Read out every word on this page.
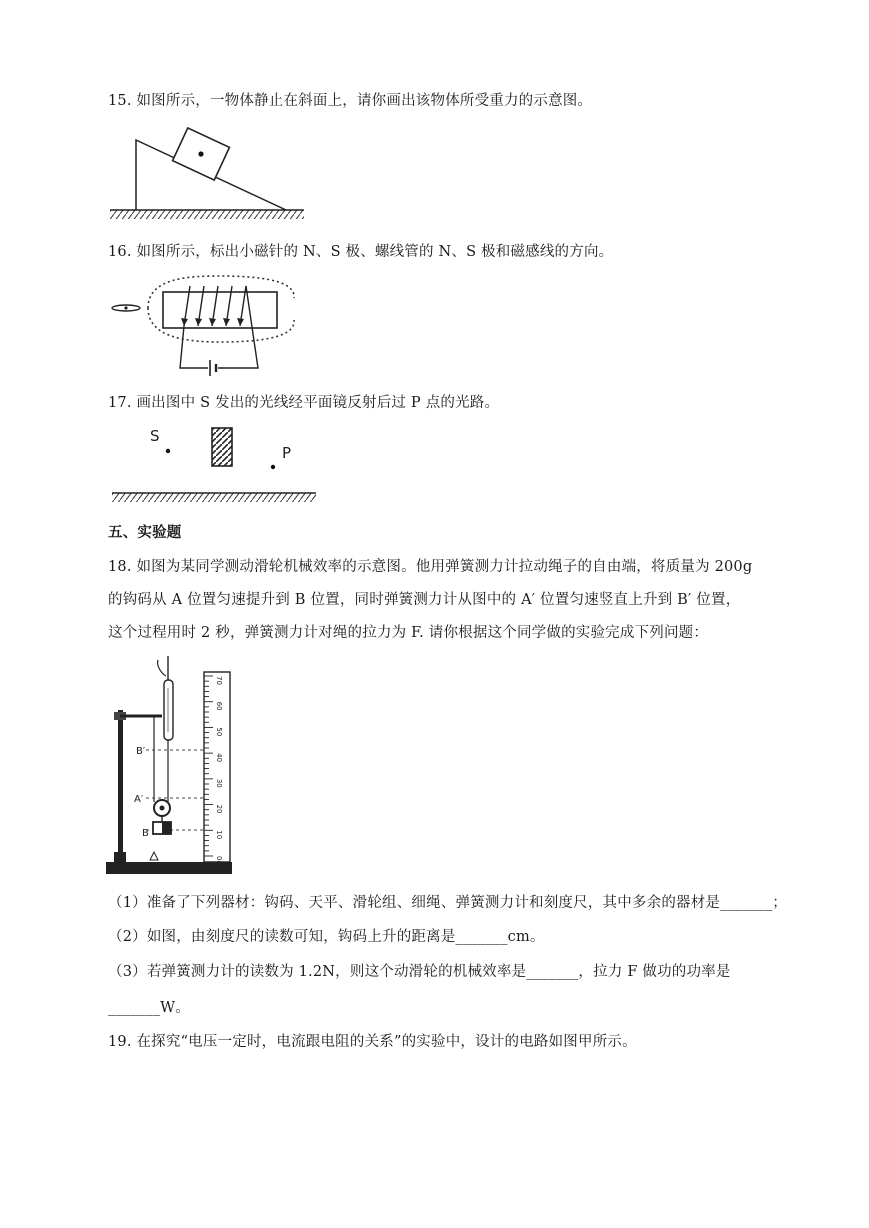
15. 如图所示，一物体静止在斜面上，请你画出该物体所受重力的示意图。
16. 如图所示，标出小磁针的 N、S 极、螺线管的 N、S 极和磁感线的方向。
17. 画出图中 S 发出的光线经平面镜反射后过 P 点的光路。
S
P
五、实验题
18. 如图为某同学测动滑轮机械效率的示意图。他用弹簧测力计拉动绳子的自由端，将质量为 200g
的钩码从 A 位置匀速提升到 B 位置，同时弹簧测力计从图中的 A′ 位置匀速竖直上升到 B′ 位置，
这个过程用时 2 秒，弹簧测力计对绳的拉力为 F. 请你根据这个同学做的实验完成下列问题：
B′
A′
B
70
60
50
40
30
20
10
0cm
（1）准备了下列器材：钩码、天平、滑轮组、细绳、弹簧测力计和刻度尺，其中多余的器材是_______；
（2）如图，由刻度尺的读数可知，钩码上升的距离是_______cm。
（3）若弹簧测力计的读数为 1.2N，则这个动滑轮的机械效率是_______，拉力 F 做功的功率是
_______W。
19. 在探究“电压一定时，电流跟电阻的关系”的实验中，设计的电路如图甲所示。
